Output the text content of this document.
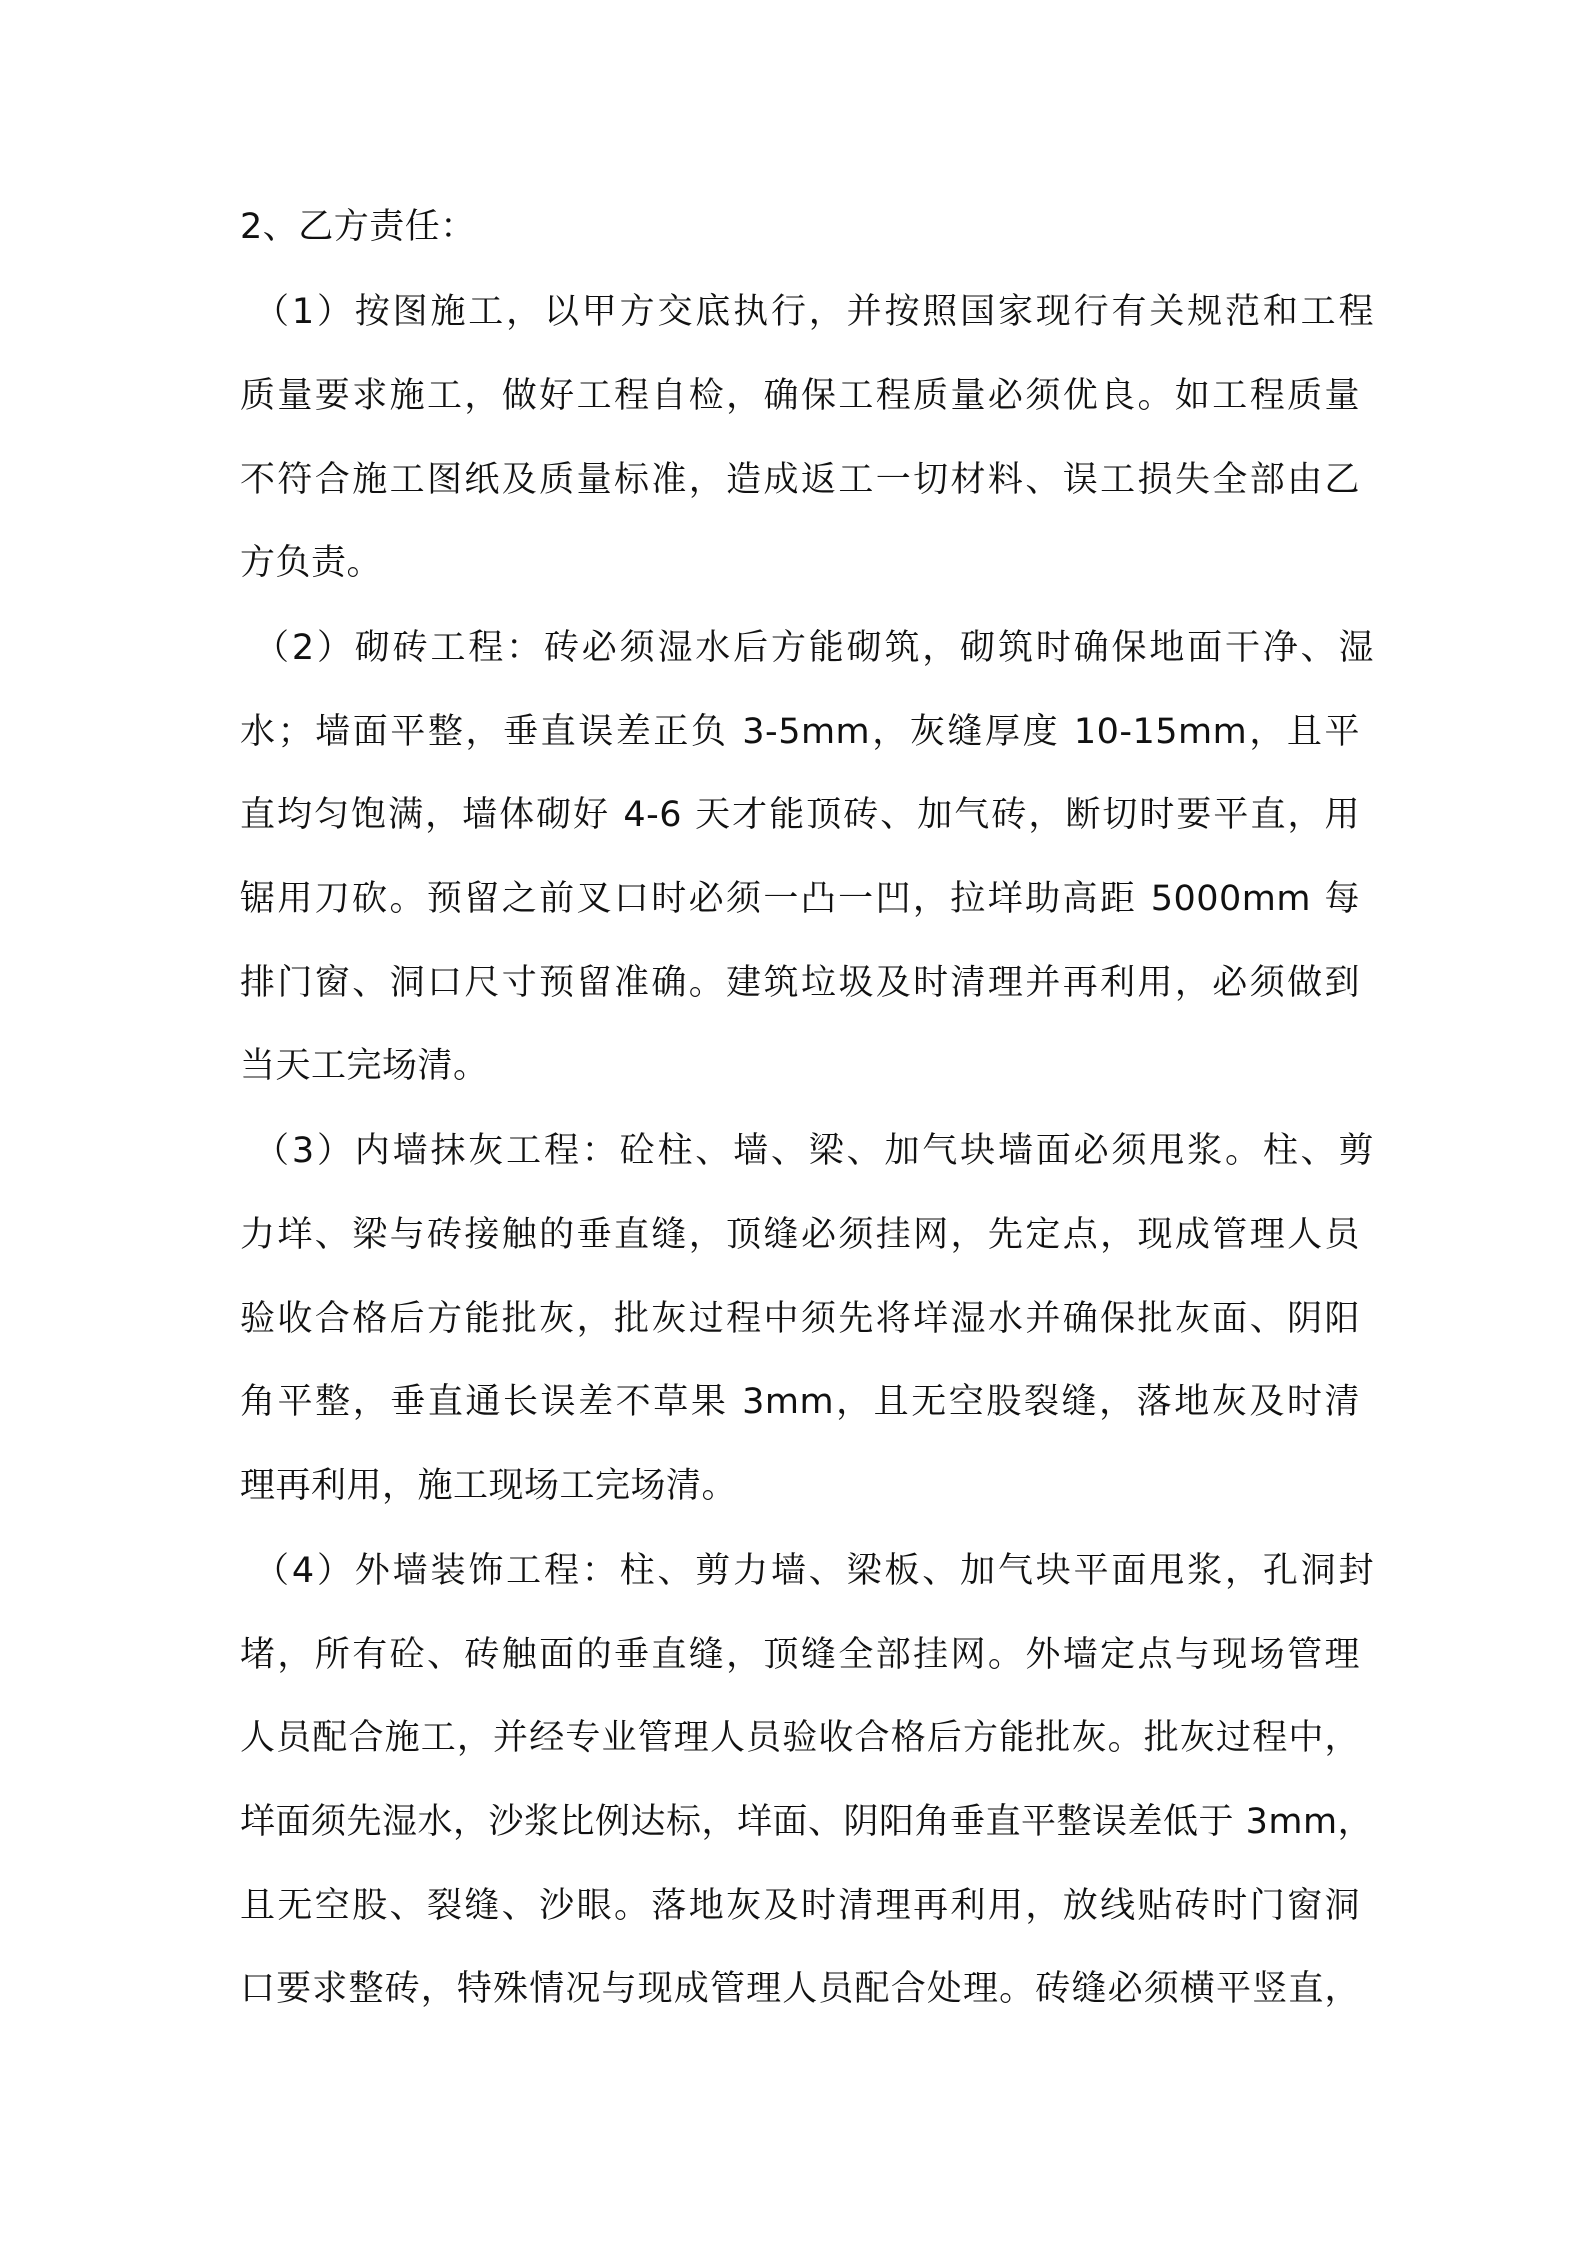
2、乙方责任：
（1）按图施工，以甲方交底执行，并按照国家现行有关规范和工程
质量要求施工，做好工程自检，确保工程质量必须优良。如工程质量
不符合施工图纸及质量标准，造成返工一切材料、误工损失全部由乙
方负责。
（2）砌砖工程：砖必须湿水后方能砌筑，砌筑时确保地面干净、湿
水；墙面平整，垂直误差正负 3-5mm，灰缝厚度 10-15mm，且平
直均匀饱满，墙体砌好 4-6 天才能顶砖、加气砖，断切时要平直，用
锯用刀砍。预留之前叉口时必须一凸一凹，拉垟助高距 5000mm 每
排门窗、洞口尺寸预留准确。建筑垃圾及时清理并再利用，必须做到
当天工完场清。
（3）内墙抹灰工程：砼柱、墙、梁、加气块墙面必须甩浆。柱、剪
力垟、梁与砖接触的垂直缝，顶缝必须挂网，先定点，现成管理人员
验收合格后方能批灰，批灰过程中须先将垟湿水并确保批灰面、阴阳
角平整，垂直通长误差不草果 3mm，且无空股裂缝，落地灰及时清
理再利用，施工现场工完场清。
（4）外墙装饰工程：柱、剪力墙、梁板、加气块平面甩浆，孔洞封
堵，所有砼、砖触面的垂直缝，顶缝全部挂网。外墙定点与现场管理
人员配合施工，并经专业管理人员验收合格后方能批灰。批灰过程中，
垟面须先湿水，沙浆比例达标，垟面、阴阳角垂直平整误差低于 3mm，
且无空股、裂缝、沙眼。落地灰及时清理再利用，放线贴砖时门窗洞
口要求整砖，特殊情况与现成管理人员配合处理。砖缝必须横平竖直，
